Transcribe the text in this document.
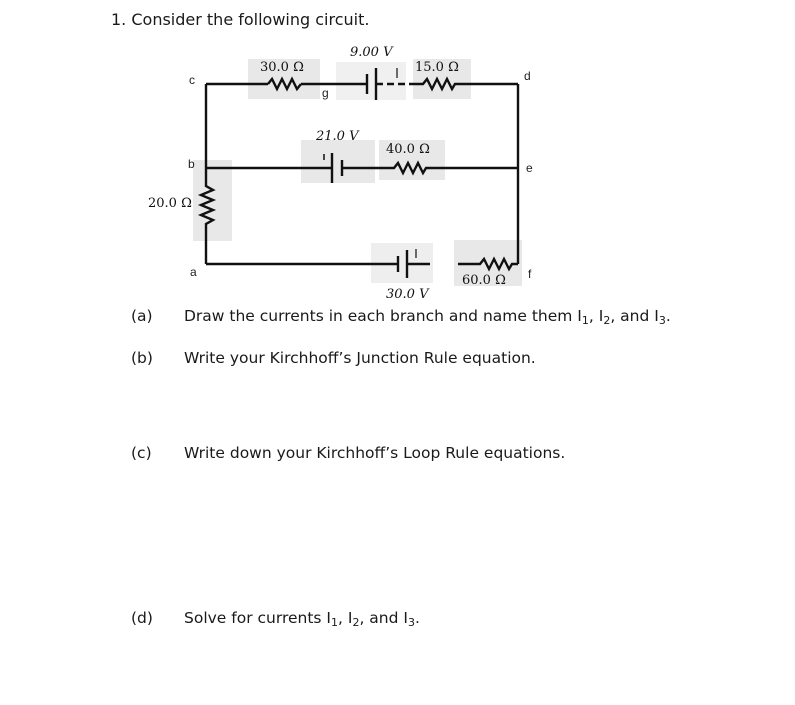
1. Consider the following circuit.
c
b
a
d
e
f
g
30.0 Ω
9.00 V
15.0 Ω
21.0 V
40.0 Ω
20.0 Ω
30.0 V
60.0 Ω
(a) Draw the currents in each branch and name them I1, I2, and I3.
(b) Write your Kirchhoff’s Junction Rule equation.
(c) Write down your Kirchhoff’s Loop Rule equations.
(d) Solve for currents I1, I2, and I3.
